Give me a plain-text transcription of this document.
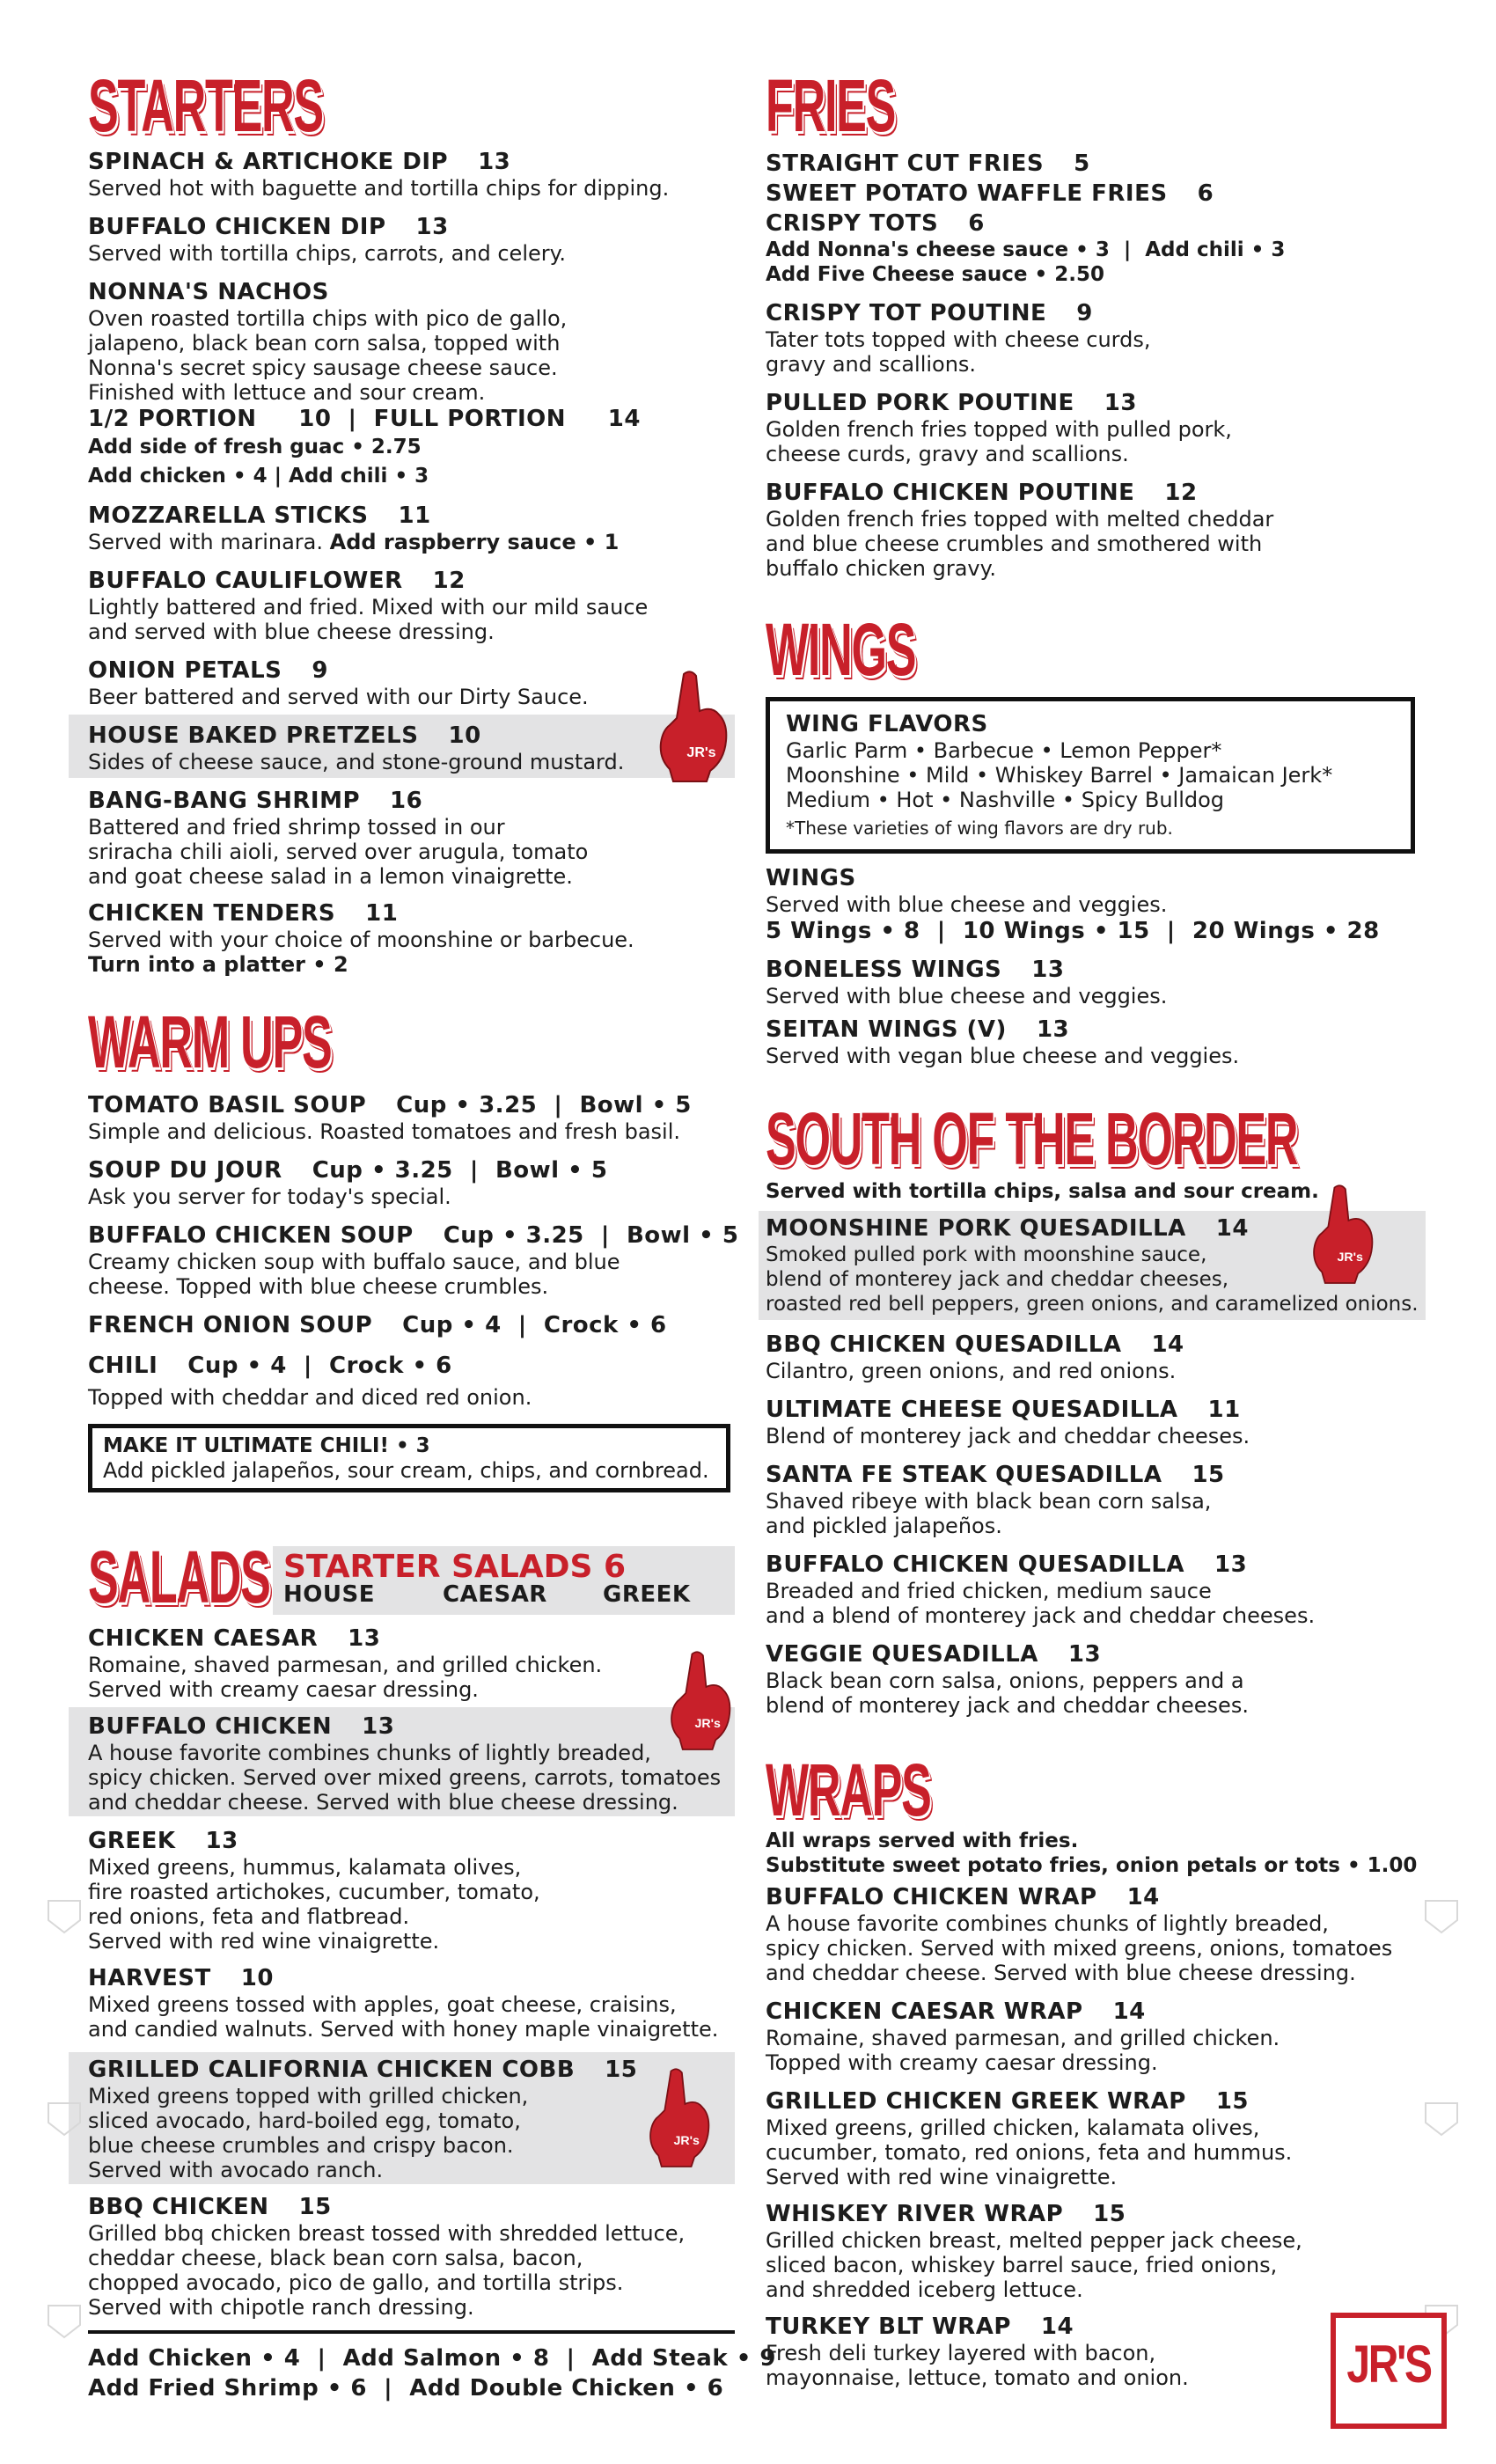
STARTERS
SPINACH & ARTICHOKE DIP 13
Served hot with baguette and tortilla chips for dipping.
BUFFALO CHICKEN DIP 13
Served with tortilla chips, carrots, and celery.
NONNA'S NACHOS
Oven roasted tortilla chips with pico de gallo,
jalapeno, black bean corn salsa, topped with
Nonna's secret spicy sausage cheese sauce.
Finished with lettuce and sour cream.
1/2 PORTION     10  |  FULL PORTION     14
Add side of fresh guac • 2.75
Add chicken • 4 | Add chili • 3
MOZZARELLA STICKS 11
Served with marinara. Add raspberry sauce • 1
BUFFALO CAULIFLOWER 12
Lightly battered and fried. Mixed with our mild sauce
and served with blue cheese dressing.
ONION PETALS 9
Beer battered and served with our Dirty Sauce.
HOUSE BAKED PRETZELS 10
Sides of cheese sauce, and stone-ground mustard.
BANG-BANG SHRIMP 16
Battered and fried shrimp tossed in our
sriracha chili aioli, served over arugula, tomato
and goat cheese salad in a lemon vinaigrette.
CHICKEN TENDERS 11
Served with your choice of moonshine or barbecue.
Turn into a platter • 2
JR's
WARM UPS
TOMATO BASIL SOUP Cup • 3.25  |  Bowl • 5
Simple and delicious. Roasted tomatoes and fresh basil.
SOUP DU JOUR Cup • 3.25  |  Bowl • 5
Ask you server for today's special.
BUFFALO CHICKEN SOUP Cup • 3.25  |  Bowl • 5
Creamy chicken soup with buffalo sauce, and blue
cheese. Topped with blue cheese crumbles.
FRENCH ONION SOUP Cup • 4  |  Crock • 6
CHILI Cup • 4  |  Crock • 6
Topped with cheddar and diced red onion.
MAKE IT ULTIMATE CHILI! • 3
Add pickled jalapeños, sour cream, chips, and cornbread.
SALADS STARTER SALADS 6
HOUSE	CAESAR GREEK
CHICKEN CAESAR 13
Romaine, shaved parmesan, and grilled chicken.
Served with creamy caesar dressing.
BUFFALO CHICKEN 13
A house favorite combines chunks of lightly breaded,
spicy chicken. Served over mixed greens, carrots, tomatoes
and cheddar cheese. Served with blue cheese dressing.
GREEK 13
Mixed greens, hummus, kalamata olives,
fire roasted artichokes, cucumber, tomato,
red onions, feta and flatbread.
Served with red wine vinaigrette.
HARVEST 10
Mixed greens tossed with apples, goat cheese, craisins,
and candied walnuts. Served with honey maple vinaigrette.
GRILLED CALIFORNIA CHICKEN COBB 15
Mixed greens topped with grilled chicken,
sliced avocado, hard-boiled egg, tomato,
blue cheese crumbles and crispy bacon.
Served with avocado ranch.
BBQ CHICKEN 15
Grilled bbq chicken breast tossed with shredded lettuce,
cheddar cheese, black bean corn salsa, bacon,
chopped avocado, pico de gallo, and tortilla strips.
Served with chipotle ranch dressing.
JR's
JR's
Add Chicken • 4  |  Add Salmon • 8  |  Add Steak • 9
Add Fried Shrimp • 6  |  Add Double Chicken • 6
FRIES
STRAIGHT CUT FRIES 5
SWEET POTATO WAFFLE FRIES 6
CRISPY TOTS 6
Add Nonna's cheese sauce • 3  |  Add chili • 3
Add Five Cheese sauce • 2.50
CRISPY TOT POUTINE 9
Tater tots topped with cheese curds,
gravy and scallions.
PULLED PORK POUTINE 13
Golden french fries topped with pulled pork,
cheese curds, gravy and scallions.
BUFFALO CHICKEN POUTINE 12
Golden french fries topped with melted cheddar
and blue cheese crumbles and smothered with
buffalo chicken gravy.
WINGS
WING FLAVORS
Garlic Parm • Barbecue • Lemon Pepper*
Moonshine • Mild • Whiskey Barrel • Jamaican Jerk*
Medium • Hot • Nashville • Spicy Bulldog
*These varieties of wing flavors are dry rub.
WINGS
Served with blue cheese and veggies.
5 Wings • 8  |  10 Wings • 15  |  20 Wings • 28
BONELESS WINGS 13
Served with blue cheese and veggies.
SEITAN WINGS (V) 13
Served with vegan blue cheese and veggies.
SOUTH OF THE BORDER
Served with tortilla chips, salsa and sour cream.
MOONSHINE PORK QUESADILLA 14
Smoked pulled pork with moonshine sauce,
blend of monterey jack and cheddar cheeses,
roasted red bell peppers, green onions, and caramelized onions.
BBQ CHICKEN QUESADILLA 14
Cilantro, green onions, and red onions.
ULTIMATE CHEESE QUESADILLA 11
Blend of monterey jack and cheddar cheeses.
SANTA FE STEAK QUESADILLA 15
Shaved ribeye with black bean corn salsa,
and pickled jalapeños.
BUFFALO CHICKEN QUESADILLA 13
Breaded and fried chicken, medium sauce
and a blend of monterey jack and cheddar cheeses.
VEGGIE QUESADILLA 13
Black bean corn salsa, onions, peppers and a
blend of monterey jack and cheddar cheeses.
JR's
WRAPS
All wraps served with fries.
Substitute sweet potato fries, onion petals or tots • 1.00
BUFFALO CHICKEN WRAP 14
A house favorite combines chunks of lightly breaded,
spicy chicken. Served with mixed greens, onions, tomatoes
and cheddar cheese. Served with blue cheese dressing.
CHICKEN CAESAR WRAP 14
Romaine, shaved parmesan, and grilled chicken.
Topped with creamy caesar dressing.
GRILLED CHICKEN GREEK WRAP 15
Mixed greens, grilled chicken, kalamata olives,
cucumber, tomato, red onions, feta and hummus.
Served with red wine vinaigrette.
WHISKEY RIVER WRAP 15
Grilled chicken breast, melted pepper jack cheese,
sliced bacon, whiskey barrel sauce, fried onions,
and shredded iceberg lettuce.
TURKEY BLT WRAP 14
Fresh deli turkey layered with bacon,
mayonnaise, lettuce, tomato and onion.	JR'S
